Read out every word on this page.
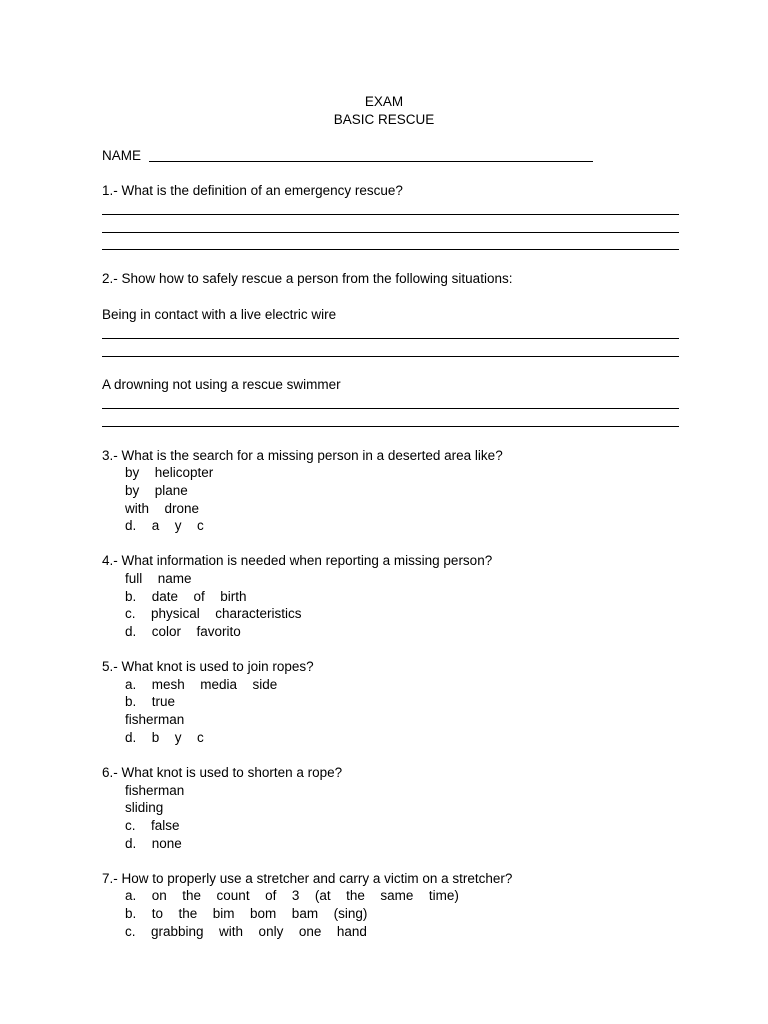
EXAM
BASIC RESCUE
NAME
1.- What is the definition of an emergency rescue?
2.- Show how to safely rescue a person from the following situations:
Being in contact with a live electric wire
A drowning not using a rescue swimmer
3.- What is the search for a missing person in a deserted area like?
by  helicopter
by  plane
with  drone
d.  a  y  c
4.- What information is needed when reporting a missing person?
full  name
b.  date  of  birth
c.  physical  characteristics
d.  color  favorito
5.- What knot is used to join ropes?
a.  mesh  media  side
b.  true
fisherman
d.  b  y  c
6.- What knot is used to shorten a rope?
fisherman
sliding
c.  false
d.  none
7.- How to properly use a stretcher and carry a victim on a stretcher?
a.  on  the  count  of  3  (at  the  same  time)
b.  to  the  bim  bom  bam  (sing)
c.  grabbing  with  only  one  hand
